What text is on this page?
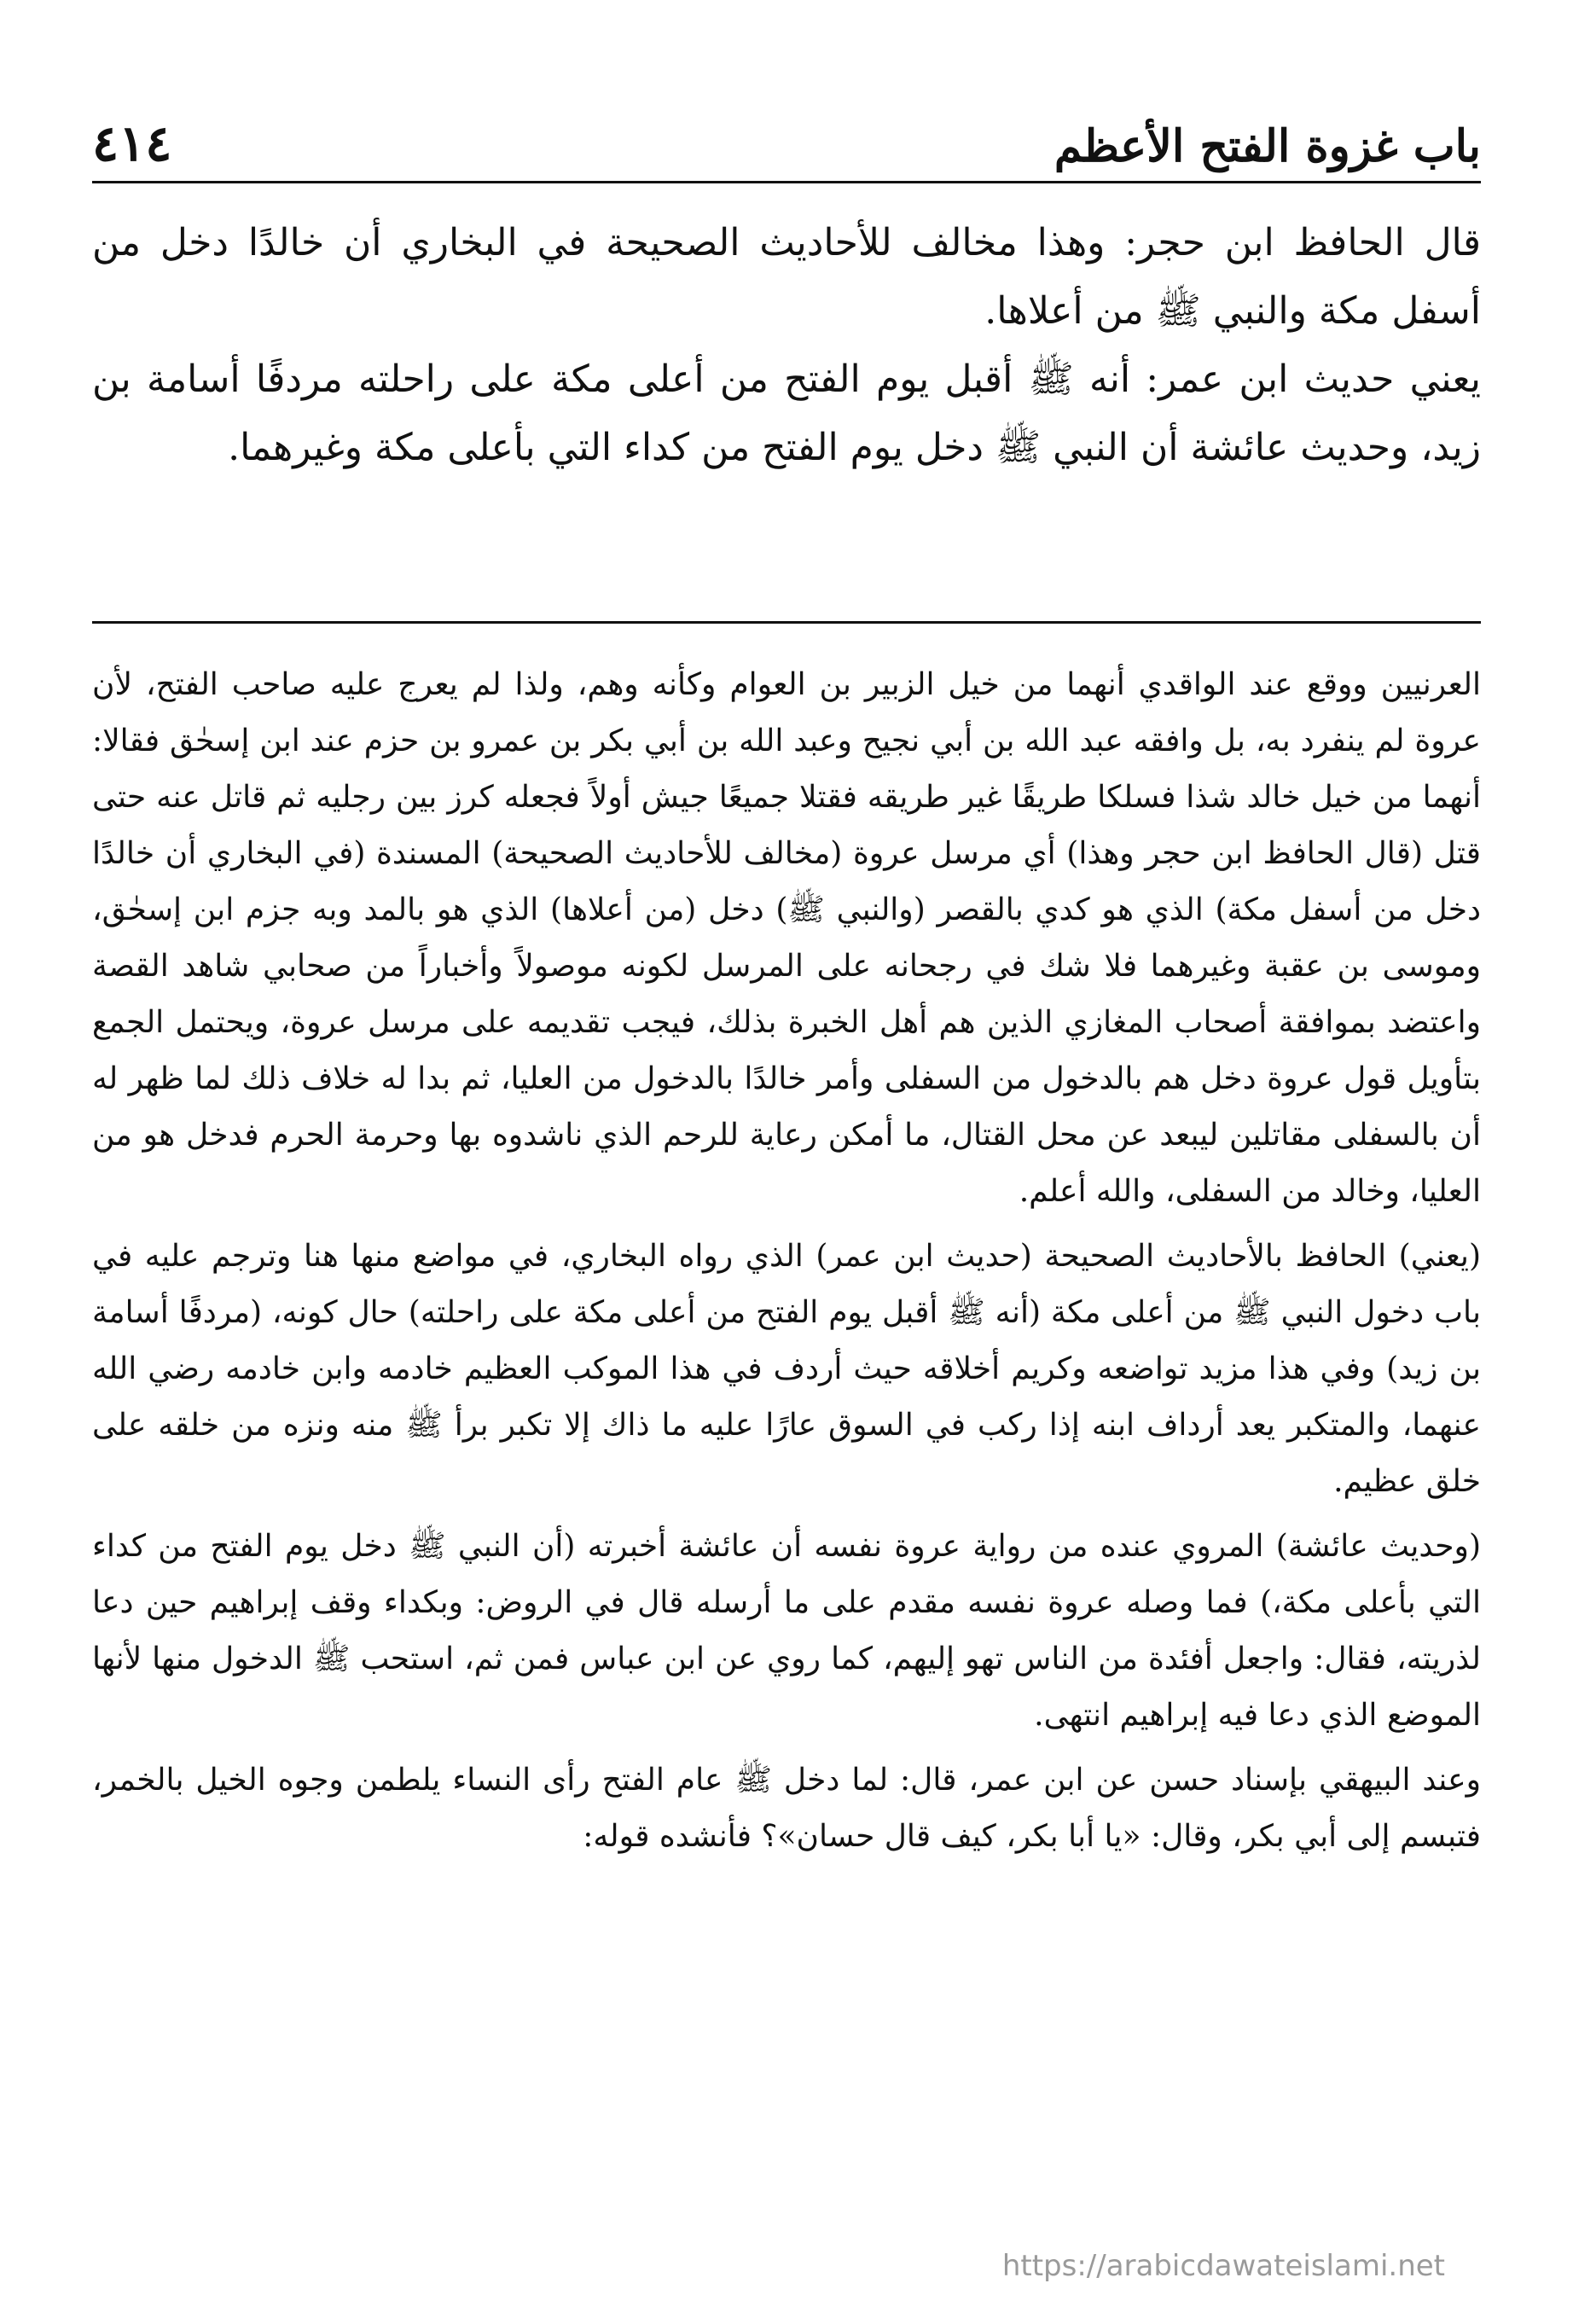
باب غزوة الفتح الأعظم
٤١٤

قال الحافظ ابن حجر: وهذا مخالف للأحاديث الصحيحة في البخاري أن خالدًا دخل من أسفل مكة والنبي ﷺ من أعلاها.

يعني حديث ابن عمر: أنه ﷺ أقبل يوم الفتح من أعلى مكة على راحلته مردفًا أسامة بن زيد، وحديث عائشة أن النبي ﷺ دخل يوم الفتح من كداء التي بأعلى مكة وغيرهما.

العرنيين ووقع عند الواقدي أنهما من خيل الزبير بن العوام وكأنه وهم، ولذا لم يعرج عليه صاحب الفتح، لأن عروة لم ينفرد به، بل وافقه عبد الله بن أبي نجيح وعبد الله بن أبي بكر بن عمرو بن حزم عند ابن إسحٰق فقالا: أنهما من خيل خالد شذا فسلكا طريقًا غير طريقه فقتلا جميعًا جيش أولاً فجعله كرز بين رجليه ثم قاتل عنه حتى قتل (قال الحافظ ابن حجر وهذا) أي مرسل عروة (مخالف للأحاديث الصحيحة) المسندة (في البخاري أن خالدًا دخل من أسفل مكة) الذي هو كدي بالقصر (والنبي ﷺ) دخل (من أعلاها) الذي هو بالمد وبه جزم ابن إسحٰق، وموسى بن عقبة وغيرهما فلا شك في رجحانه على المرسل لكونه موصولاً وأخباراً من صحابي شاهد القصة واعتضد بموافقة أصحاب المغازي الذين هم أهل الخبرة بذلك، فيجب تقديمه على مرسل عروة، ويحتمل الجمع بتأويل قول عروة دخل هم بالدخول من السفلى وأمر خالدًا بالدخول من العليا، ثم بدا له خلاف ذلك لما ظهر له أن بالسفلى مقاتلين ليبعد عن محل القتال، ما أمكن رعاية للرحم الذي ناشدوه بها وحرمة الحرم فدخل هو من العليا، وخالد من السفلى، والله أعلم.

(يعني) الحافظ بالأحاديث الصحيحة (حديث ابن عمر) الذي رواه البخاري، في مواضع منها هنا وترجم عليه في باب دخول النبي ﷺ من أعلى مكة (أنه ﷺ أقبل يوم الفتح من أعلى مكة على راحلته) حال كونه، (مردفًا أسامة بن زيد) وفي هذا مزيد تواضعه وكريم أخلاقه حيث أردف في هذا الموكب العظيم خادمه وابن خادمه رضي الله عنهما، والمتكبر يعد أرداف ابنه إذا ركب في السوق عارًا عليه ما ذاك إلا تكبر برأ ﷺ منه ونزه من خلقه على خلق عظيم.

(وحديث عائشة) المروي عنده من رواية عروة نفسه أن عائشة أخبرته (أن النبي ﷺ دخل يوم الفتح من كداء التي بأعلى مكة،) فما وصله عروة نفسه مقدم على ما أرسله قال في الروض: وبكداء وقف إبراهيم حين دعا لذريته، فقال: واجعل أفئدة من الناس تهو إليهم، كما روي عن ابن عباس فمن ثم، استحب ﷺ الدخول منها لأنها الموضع الذي دعا فيه إبراهيم انتهى.

وعند البيهقي بإسناد حسن عن ابن عمر، قال: لما دخل ﷺ عام الفتح رأى النساء يلطمن وجوه الخيل بالخمر، فتبسم إلى أبي بكر، وقال: «يا أبا بكر، كيف قال حسان»؟ فأنشده قوله:

https://arabicdawateislami.net
